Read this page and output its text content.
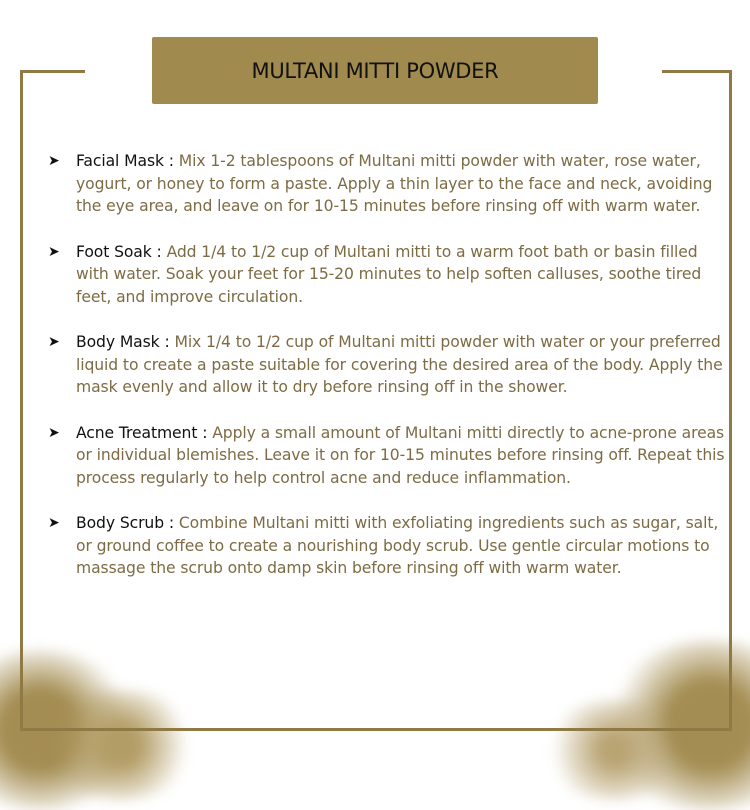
MULTANI MITTI POWDER
➤ Facial Mask : Mix 1-2 tablespoons of Multani mitti powder with water, rose water, yogurt, or honey to form a paste. Apply a thin layer to the face and neck, avoiding the eye area, and leave on for 10-15 minutes before rinsing off with warm water.
➤ Foot Soak : Add 1/4 to 1/2 cup of Multani mitti to a warm foot bath or basin filled with water. Soak your feet for 15-20 minutes to help soften calluses, soothe tired feet, and improve circulation.
➤ Body Mask : Mix 1/4 to 1/2 cup of Multani mitti powder with water or your preferred liquid to create a paste suitable for covering the desired area of the body. Apply the mask evenly and allow it to dry before rinsing off in the shower.
➤ Acne Treatment : Apply a small amount of Multani mitti directly to acne-prone areas or individual blemishes. Leave it on for 10-15 minutes before rinsing off. Repeat this process regularly to help control acne and reduce inflammation.
➤ Body Scrub : Combine Multani mitti with exfoliating ingredients such as sugar, salt, or ground coffee to create a nourishing body scrub. Use gentle circular motions to massage the scrub onto damp skin before rinsing off with warm water.
